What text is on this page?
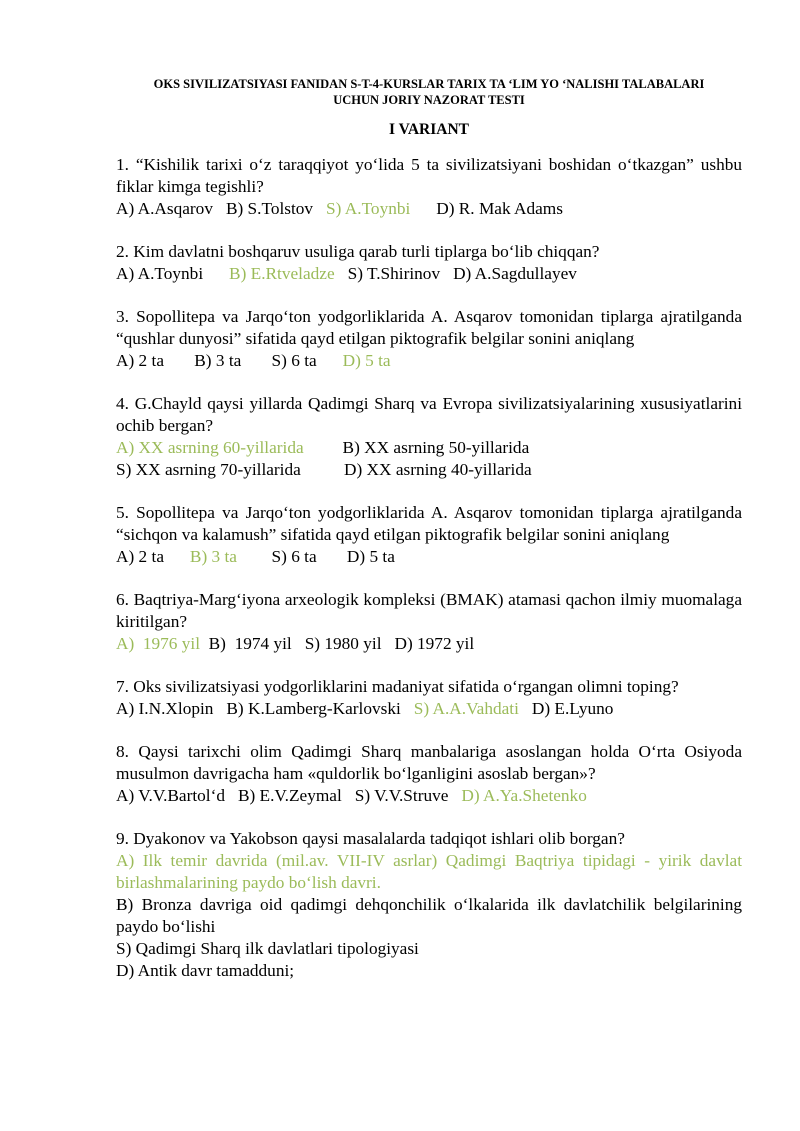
OKS SIVILIZATSIYASI FANIDAN S-T-4-KURSLAR TARIX TA ‘LIM YO ‘NALISHI TALABALARI
UCHUN JORIY NAZORAT TESTI
I VARIANT

1. “Kishilik tarixi o‘z taraqqiyot yo‘lida 5 ta sivilizatsiyani boshidan o‘tkazgan” ushbu fiklar kimga tegishli?

A) A.Asqarov B) S.Tolstov S) A.Toynbi D) R. Mak Adams

2. Kim davlatni boshqaruv usuliga qarab turli tiplarga bo‘lib chiqqan?

A) A.Toynbi B) E.Rtveladze S) T.Shirinov D) A.Sagdullayev

3. Sopollitepa va Jarqo‘ton yodgorliklarida A. Asqarov tomonidan tiplarga ajratilganda “qushlar dunyosi” sifatida qayd etilgan piktografik belgilar sonini aniqlang

A) 2 ta B) 3 ta S) 6 ta D) 5 ta

4. G.Chayld qaysi yillarda Qadimgi Sharq va Evropa sivilizatsiyalarining xususiyatlarini ochib bergan?

A) XX asrning 60-yillarida B) XX asrning 50-yillarida
S) XX asrning 70-yillarida D) XX asrning 40-yillarida

5. Sopollitepa va Jarqo‘ton yodgorliklarida A. Asqarov tomonidan tiplarga ajratilganda “sichqon va kalamush” sifatida qayd etilgan piktografik belgilar sonini aniqlang

A) 2 ta B) 3 ta S) 6 ta D) 5 ta

6. Baqtriya-Marg‘iyona arxeologik kompleksi (BMAK) atamasi qachon ilmiy muomalaga kiritilgan?

A)  1976 yil B)  1974 yil S) 1980 yil D) 1972 yil

7. Oks sivilizatsiyasi yodgorliklarini madaniyat sifatida o‘rgangan olimni toping?

A) I.N.Xlopin B) K.Lamberg-Karlovski S) A.A.Vahdati D) E.Lyuno

8. Qaysi tarixchi olim Qadimgi Sharq manbalariga asoslangan holda O‘rta Osiyoda musulmon davrigacha ham «quldorlik bo‘lganligini asoslab bergan»?

A) V.V.Bartol‘d B) E.V.Zeymal S) V.V.Struve D) A.Ya.Shetenko

9. Dyakonov va Yakobson qaysi masalalarda tadqiqot ishlari olib borgan?

A) Ilk temir davrida (mil.av. VII-IV asrlar) Qadimgi Baqtriya tipidagi - yirik davlat birlashmalarining paydo bo‘lish davri.
B) Bronza davriga oid qadimgi dehqonchilik o‘lkalarida ilk davlatchilik belgilarining paydo bo‘lishi
S) Qadimgi Sharq ilk davlatlari tipologiyasi
D) Antik davr tamadduni;
